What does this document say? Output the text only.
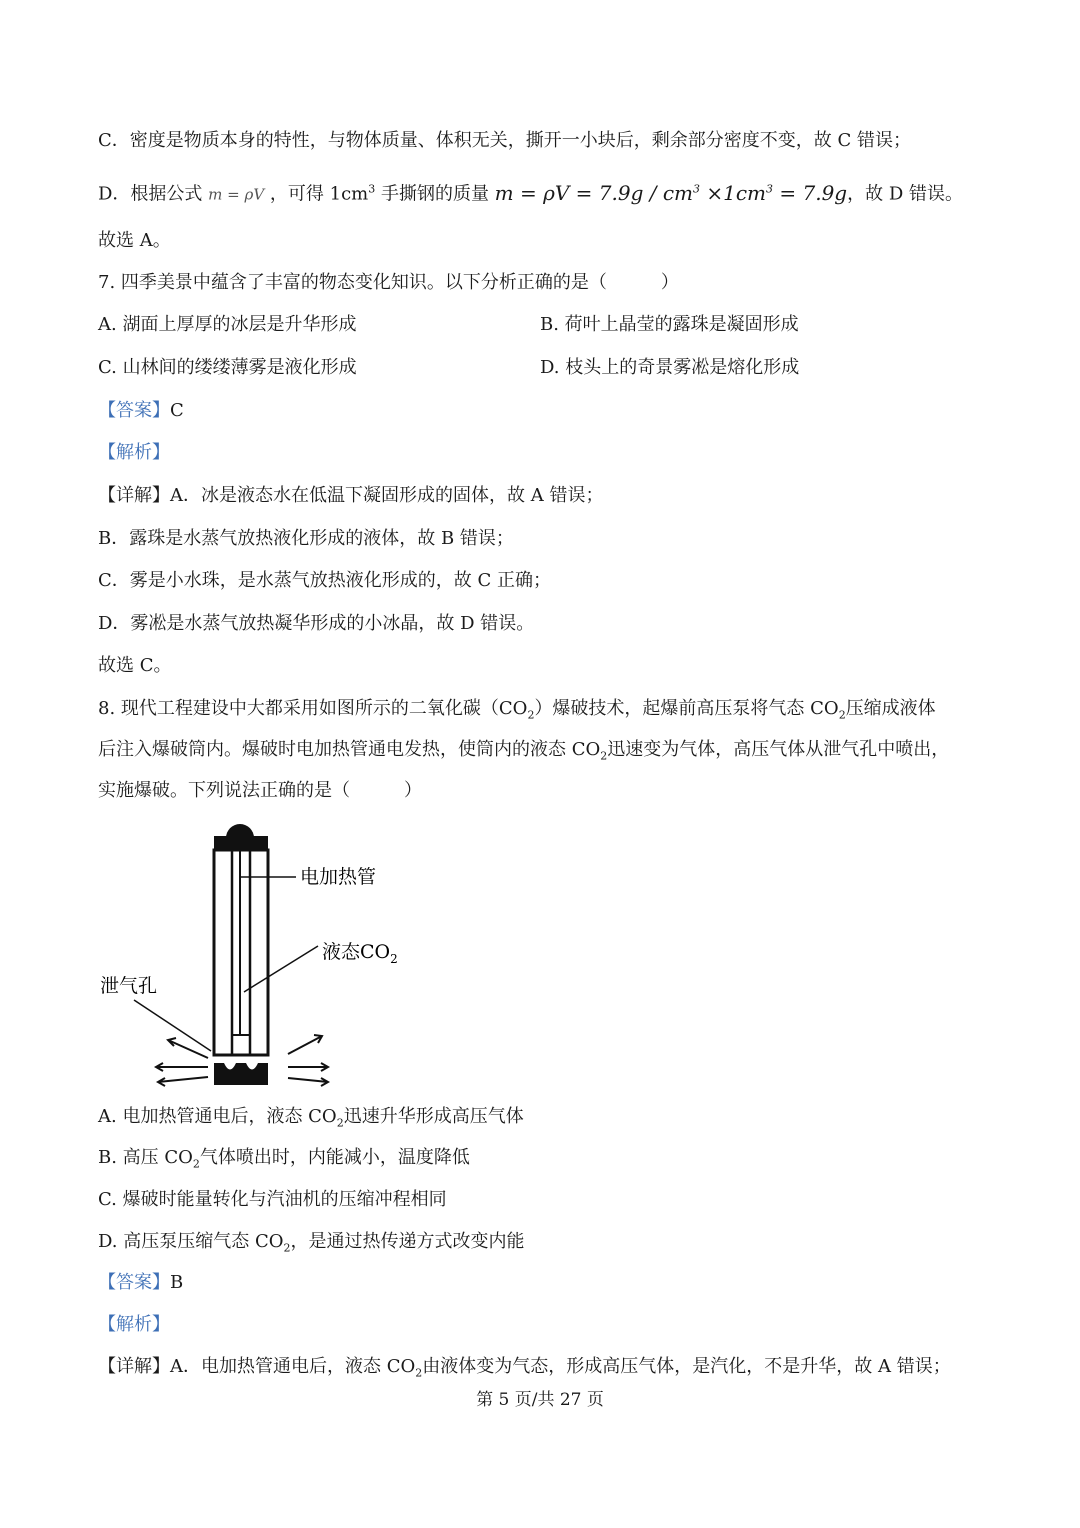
C．密度是物质本身的特性，与物体质量、体积无关，撕开一小块后，剩余部分密度不变，故 C 错误；
D．根据公式 m = ρV ，可得 $1cm^3$ 手撕钢的质量 $m = \rho V = 7.9g / cm^3 \times 1cm^3 = 7.9g$，故 D 错误。
故选 A。
7. 四季美景中蕴含了丰富的物态变化知识。以下分析正确的是（　　　）
A. 湖面上厚厚的冰层是升华形成	B. 荷叶上晶莹的露珠是凝固形成
C. 山林间的缕缕薄雾是液化形成	D. 枝头上的奇景雾凇是熔化形成
【答案】C
【解析】
【详解】A．冰是液态水在低温下凝固形成的固体，故 A 错误；
B．露珠是水蒸气放热液化形成的液体，故 B 错误；
C．雾是小水珠，是水蒸气放热液化形成的，故 C 正确；
D．雾凇是水蒸气放热凝华形成的小冰晶，故 D 错误。
故选 C。
8. 现代工程建设中大都采用如图所示的二氧化碳$(CO_2)$爆破技术，起爆前高压泵将气态 $CO_2$压缩成液体
后注入爆破筒内。爆破时电加热管通电发热，使筒内的液态 $CO_2$迅速变为气体，高压气体从泄气孔中喷出，
实施爆破。下列说法正确的是（　　　）
电加热管
液态$CO_2$
泄气孔
A. 电加热管通电后，液态 $CO_2$迅速升华形成高压气体
B. 高压 $CO_2$气体喷出时，内能减小，温度降低
C. 爆破时能量转化与汽油机的压缩冲程相同
D. 高压泵压缩气态 $CO_2$，是通过热传递方式改变内能
【答案】B
【解析】
【详解】A．电加热管通电后，液态 $CO_2$由液体变为气态，形成高压气体，是汽化，不是升华，故 A 错误；
第 5 页/共 27 页
